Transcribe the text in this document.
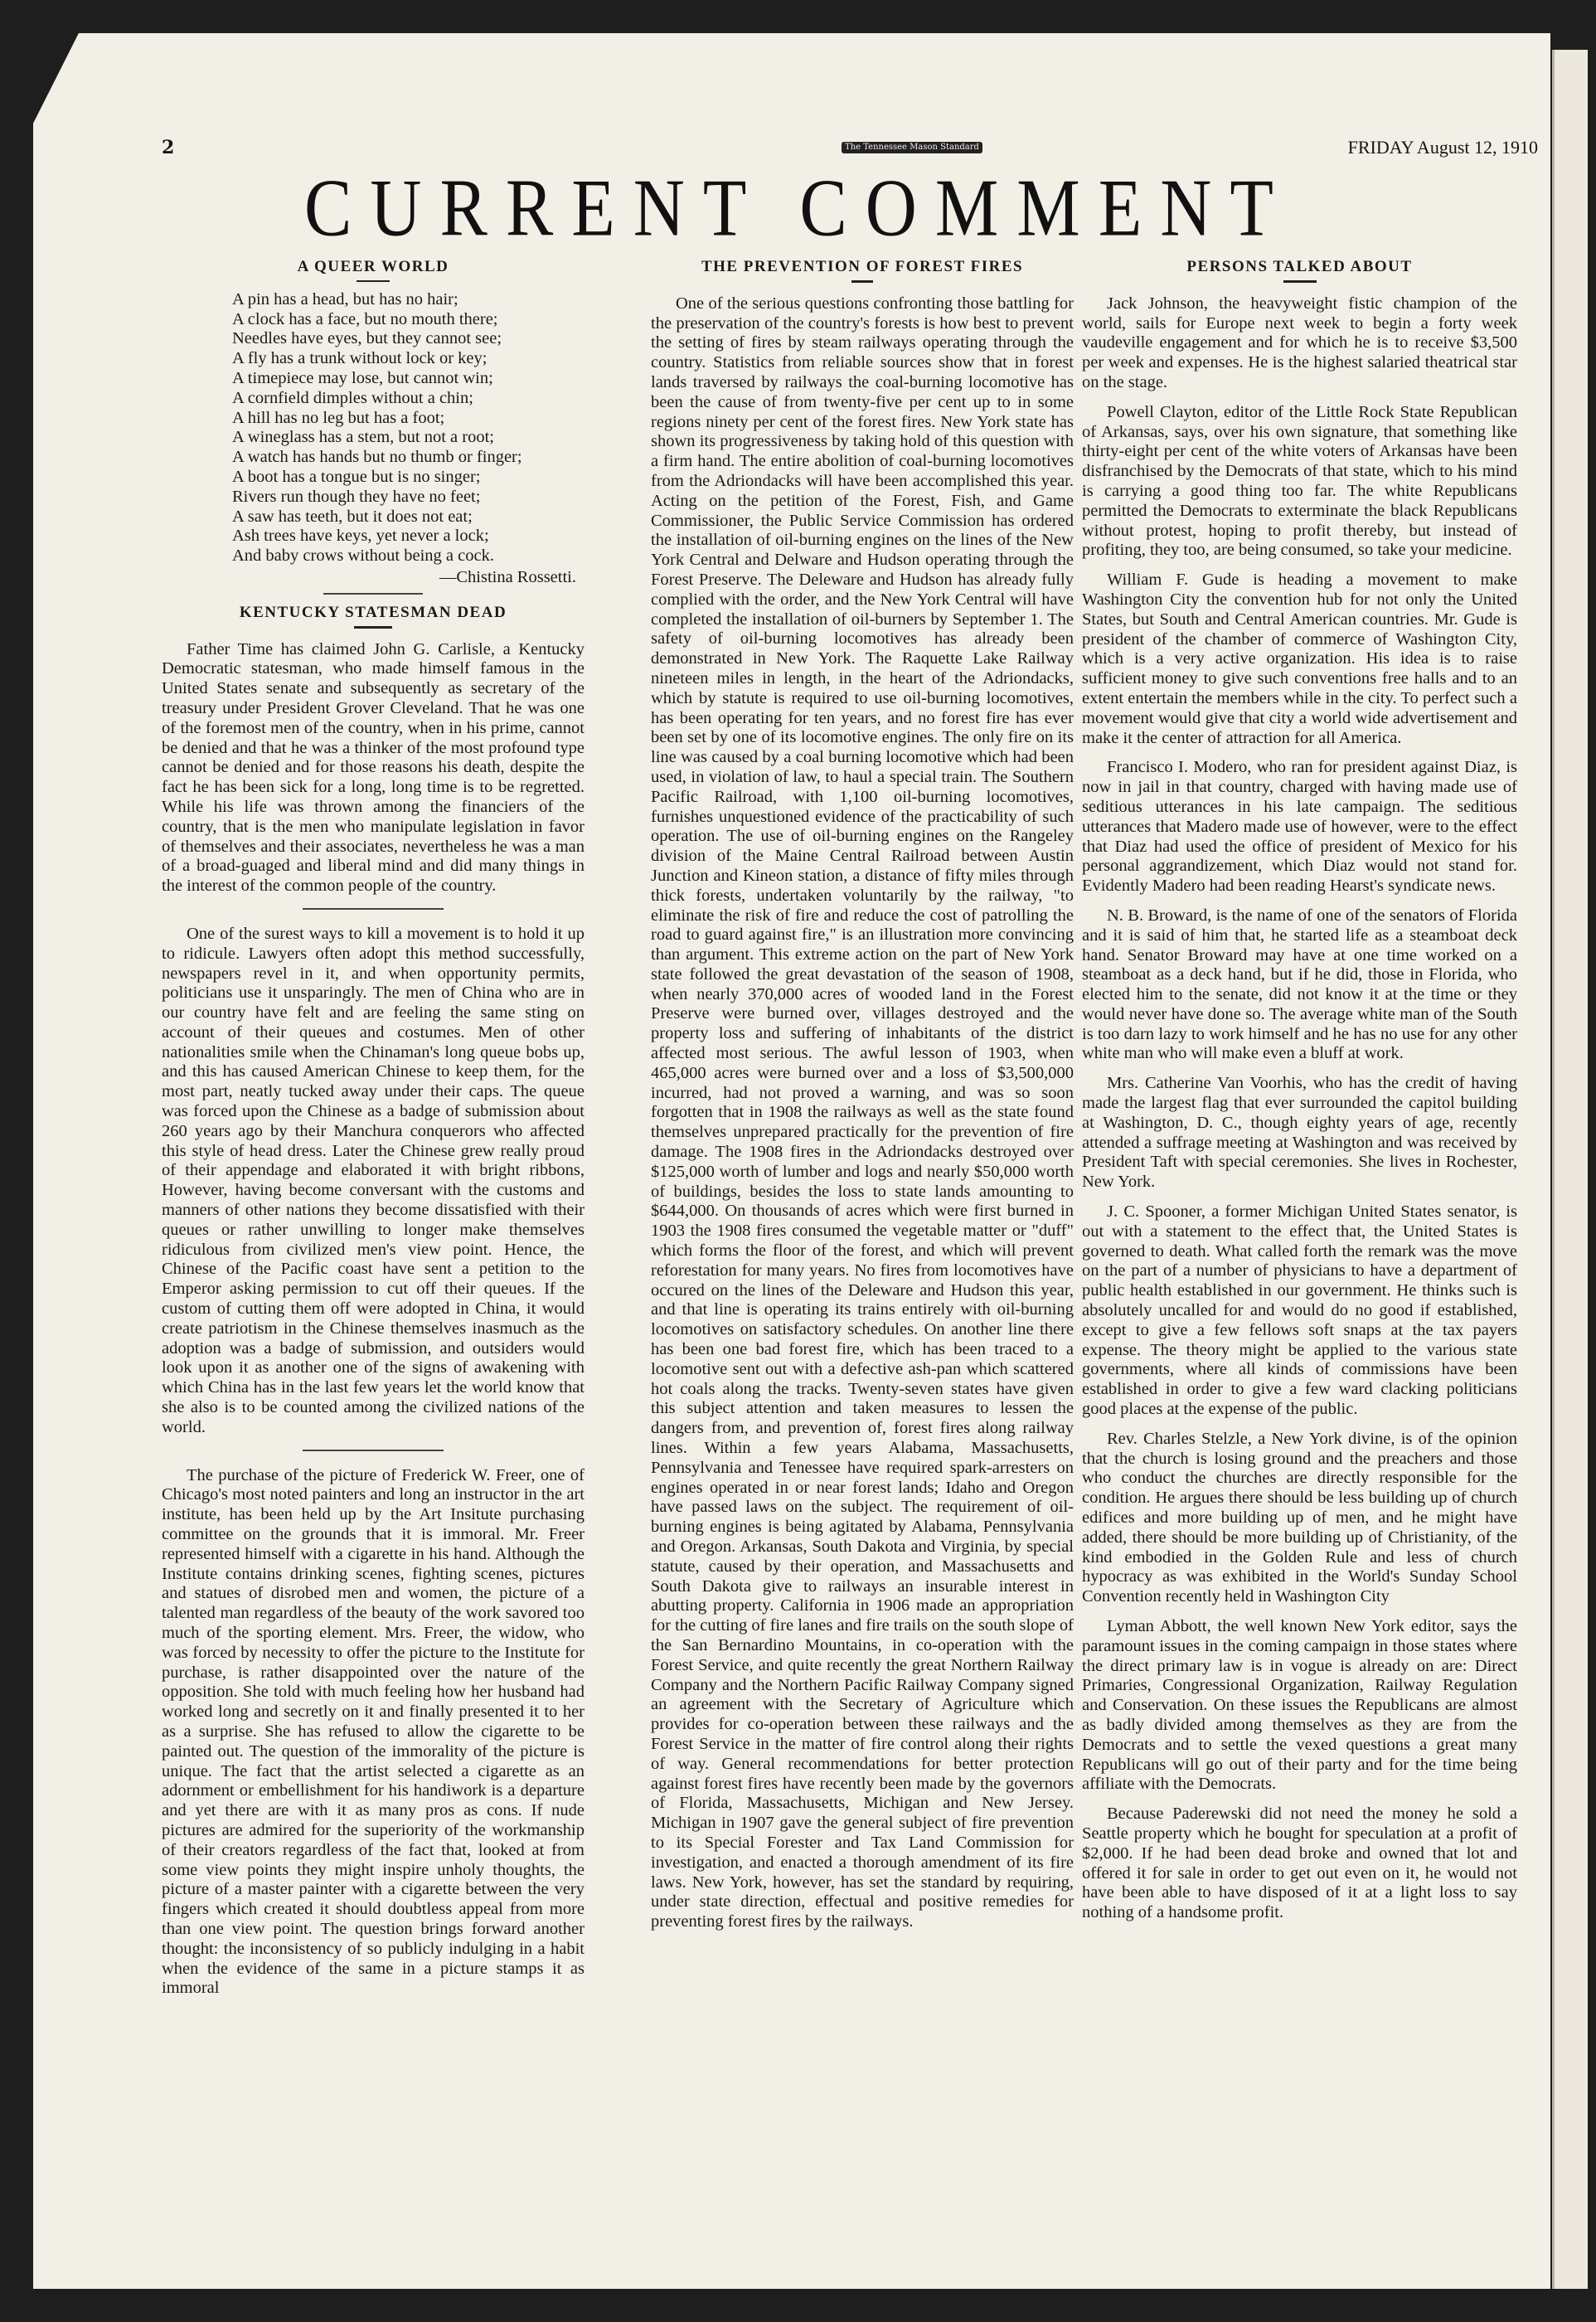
2	The Tennessee Mason Standard	FRIDAY August 12, 1910
CURRENT COMMENT
A QUEER WORLD

A pin has a head, but has no hair;

A clock has a face, but no mouth there;

Needles have eyes, but they cannot see;

A fly has a trunk without lock or key;

A timepiece may lose, but cannot win;

A cornfield dimples without a chin;

A hill has no leg but has a foot;

A wineglass has a stem, but not a root;

A watch has hands but no thumb or finger;

A boot has a tongue but is no singer;

Rivers run though they have no feet;

A saw has teeth, but it does not eat;

Ash trees have keys, yet never a lock;

And baby crows without being a cock.

—Chistina Rossetti.
KENTUCKY STATESMAN DEAD

Father Time has claimed John G. Carlisle, a Kentucky Democratic statesman, who made himself famous in the United States senate and subsequently as secretary of the treasury under President Grover Cleveland. That he was one of the foremost men of the country, when in his prime, cannot be denied and that he was a thinker of the most profound type cannot be denied and for those reasons his death, despite the fact he has been sick for a long, long time is to be regretted. While his life was thrown among the financiers of the country, that is the men who manipulate legislation in favor of themselves and their associates, nevertheless he was a man of a broad-guaged and liberal mind and did many things in the interest of the common people of the country.

One of the surest ways to kill a movement is to hold it up to ridicule. Lawyers often adopt this method successfully, newspapers revel in it, and when opportunity permits, politicians use it unsparingly. The men of China who are in our country have felt and are feeling the same sting on account of their queues and costumes. Men of other nationalities smile when the Chinaman's long queue bobs up, and this has caused American Chinese to keep them, for the most part, neatly tucked away under their caps. The queue was forced upon the Chinese as a badge of submission about 260 years ago by their Manchura conquerors who affected this style of head dress. Later the Chinese grew really proud of their appendage and elaborated it with bright ribbons, However, having become conversant with the customs and manners of other nations they become dissatisfied with their queues or rather unwilling to longer make themselves ridiculous from civilized men's view point. Hence, the Chinese of the Pacific coast have sent a petition to the Emperor asking permission to cut off their queues. If the custom of cutting them off were adopted in China, it would create patriotism in the Chinese themselves inasmuch as the adoption was a badge of submission, and outsiders would look upon it as another one of the signs of awakening with which China has in the last few years let the world know that she also is to be counted among the civilized nations of the world.

The purchase of the picture of Frederick W. Freer, one of Chicago's most noted painters and long an instructor in the art institute, has been held up by the Art Insitute purchasing committee on the grounds that it is immoral. Mr. Freer represented himself with a cigarette in his hand. Although the Institute contains drinking scenes, fighting scenes, pictures and statues of disrobed men and women, the picture of a talented man regardless of the beauty of the work savored too much of the sporting element. Mrs. Freer, the widow, who was forced by necessity to offer the picture to the Institute for purchase, is rather disappointed over the nature of the opposition. She told with much feeling how her husband had worked long and secretly on it and finally presented it to her as a surprise. She has refused to allow the cigarette to be painted out. The question of the immorality of the picture is unique. The fact that the artist selected a cigarette as an adornment or embellishment for his handiwork is a departure and yet there are with it as many pros as cons. If nude pictures are admired for the superiority of the workmanship of their creators regardless of the fact that, looked at from some view points they might inspire unholy thoughts, the picture of a master painter with a cigarette between the very fingers which created it should doubtless appeal from more than one view point. The question brings forward another thought: the inconsistency of so publicly indulging in a habit when the evidence of the same in a picture stamps it as immoral

THE PREVENTION OF FOREST FIRES

One of the serious questions confronting those battling for the preservation of the country's forests is how best to prevent the setting of fires by steam railways operating through the country. Statistics from reliable sources show that in forest lands traversed by railways the coal-burning locomotive has been the cause of from twenty-five per cent up to in some regions ninety per cent of the forest fires. New York state has shown its progressiveness by taking hold of this question with a firm hand. The entire abolition of coal-burning locomotives from the Adriondacks will have been accomplished this year. Acting on the petition of the Forest, Fish, and Game Commissioner, the Public Service Commission has ordered the installation of oil-burning engines on the lines of the New York Central and Delware and Hudson operating through the Forest Preserve. The Deleware and Hudson has already fully complied with the order, and the New York Central will have completed the installation of oil-burners by September 1. The safety of oil-burning locomotives has already been demonstrated in New York. The Raquette Lake Railway nineteen miles in length, in the heart of the Adriondacks, which by statute is required to use oil-burning locomotives, has been operating for ten years, and no forest fire has ever been set by one of its locomotive engines. The only fire on its line was caused by a coal burning locomotive which had been used, in violation of law, to haul a special train. The Southern Pacific Railroad, with 1,100 oil-burning locomotives, furnishes unquestioned evidence of the practicability of such operation. The use of oil-burning engines on the Rangeley division of the Maine Central Railroad between Austin Junction and Kineon station, a distance of fifty miles through thick forests, undertaken voluntarily by the railway, "to eliminate the risk of fire and reduce the cost of patrolling the road to guard against fire," is an illustration more convincing than argument. This extreme action on the part of New York state followed the great devastation of the season of 1908, when nearly 370,000 acres of wooded land in the Forest Preserve were burned over, villages destroyed and the property loss and suffering of inhabitants of the district affected most serious. The awful lesson of 1903, when 465,000 acres were burned over and a loss of $3,500,000 incurred, had not proved a warning, and was so soon forgotten that in 1908 the railways as well as the state found themselves unprepared practically for the prevention of fire damage. The 1908 fires in the Adriondacks destroyed over $125,000 worth of lumber and logs and nearly $50,000 worth of buildings, besides the loss to state lands amounting to $644,000. On thousands of acres which were first burned in 1903 the 1908 fires consumed the vegetable matter or "duff" which forms the floor of the forest, and which will prevent reforestation for many years. No fires from locomotives have occured on the lines of the Deleware and Hudson this year, and that line is operating its trains entirely with oil-burning locomotives on satisfactory schedules. On another line there has been one bad forest fire, which has been traced to a locomotive sent out with a defective ash-pan which scattered hot coals along the tracks. Twenty-seven states have given this subject attention and taken measures to lessen the dangers from, and prevention of, forest fires along railway lines. Within a few years Alabama, Massachusetts, Pennsylvania and Tenessee have required spark-arresters on engines operated in or near forest lands; Idaho and Oregon have passed laws on the subject. The requirement of oil-burning engines is being agitated by Alabama, Pennsylvania and Oregon. Arkansas, South Dakota and Virginia, by special statute, caused by their operation, and Massachusetts and South Dakota give to railways an insurable interest in abutting property. California in 1906 made an appropriation for the cutting of fire lanes and fire trails on the south slope of the San Bernardino Mountains, in co-operation with the Forest Service, and quite recently the great Northern Railway Company and the Northern Pacific Railway Company signed an agreement with the Secretary of Agriculture which provides for co-operation between these railways and the Forest Service in the matter of fire control along their rights of way. General recommendations for better protection against forest fires have recently been made by the governors of Florida, Massachusetts, Michigan and New Jersey. Michigan in 1907 gave the general subject of fire prevention to its Special Forester and Tax Land Commission for investigation, and enacted a thorough amendment of its fire laws. New York, however, has set the standard by requiring, under state direction, effectual and positive remedies for preventing forest fires by the railways.

PERSONS TALKED ABOUT

Jack Johnson, the heavyweight fistic champion of the world, sails for Europe next week to begin a forty week vaudeville engagement and for which he is to receive $3,500 per week and expenses. He is the highest salaried theatrical star on the stage.

Powell Clayton, editor of the Little Rock State Republican of Arkansas, says, over his own signature, that something like thirty-eight per cent of the white voters of Arkansas have been disfranchised by the Democrats of that state, which to his mind is carrying a good thing too far. The white Republicans permitted the Democrats to exterminate the black Republicans without protest, hoping to profit thereby, but instead of profiting, they too, are being consumed, so take your medicine.

William F. Gude is heading a movement to make Washington City the convention hub for not only the United States, but South and Central American countries. Mr. Gude is president of the chamber of commerce of Washington City, which is a very active organization. His idea is to raise sufficient money to give such conventions free halls and to an extent entertain the members while in the city. To perfect such a movement would give that city a world wide advertisement and make it the center of attraction for all America.

Francisco I. Modero, who ran for president against Diaz, is now in jail in that country, charged with having made use of seditious utterances in his late campaign. The seditious utterances that Madero made use of however, were to the effect that Diaz had used the office of president of Mexico for his personal aggrandizement, which Diaz would not stand for. Evidently Madero had been reading Hearst's syndicate news.

N. B. Broward, is the name of one of the senators of Florida and it is said of him that, he started life as a steamboat deck hand. Senator Broward may have at one time worked on a steamboat as a deck hand, but if he did, those in Florida, who elected him to the senate, did not know it at the time or they would never have done so. The average white man of the South is too darn lazy to work himself and he has no use for any other white man who will make even a bluff at work.

Mrs. Catherine Van Voorhis, who has the credit of having made the largest flag that ever surrounded the capitol building at Washington, D. C., though eighty years of age, recently attended a suffrage meeting at Washington and was received by President Taft with special ceremonies. She lives in Rochester, New York.

J. C. Spooner, a former Michigan United States senator, is out with a statement to the effect that, the United States is governed to death. What called forth the remark was the move on the part of a number of physicians to have a department of public health established in our government. He thinks such is absolutely uncalled for and would do no good if established, except to give a few fellows soft snaps at the tax payers expense. The theory might be applied to the various state governments, where all kinds of commissions have been established in order to give a few ward clacking politicians good places at the expense of the public.

Rev. Charles Stelzle, a New York divine, is of the opinion that the church is losing ground and the preachers and those who conduct the churches are directly responsible for the condition. He argues there should be less building up of church edifices and more building up of men, and he might have added, there should be more building up of Christianity, of the kind embodied in the Golden Rule and less of church hypocracy as was exhibited in the World's Sunday School Convention recently held in Washington City

Lyman Abbott, the well known New York editor, says the paramount issues in the coming campaign in those states where the direct primary law is in vogue is already on are: Direct Primaries, Congressional Organization, Railway Regulation and Conservation. On these issues the Republicans are almost as badly divided among themselves as they are from the Democrats and to settle the vexed questions a great many Republicans will go out of their party and for the time being affiliate with the Democrats.

Because Paderewski did not need the money he sold a Seattle property which he bought for speculation at a profit of $2,000. If he had been dead broke and owned that lot and offered it for sale in order to get out even on it, he would not have been able to have disposed of it at a light loss to say nothing of a handsome profit.
